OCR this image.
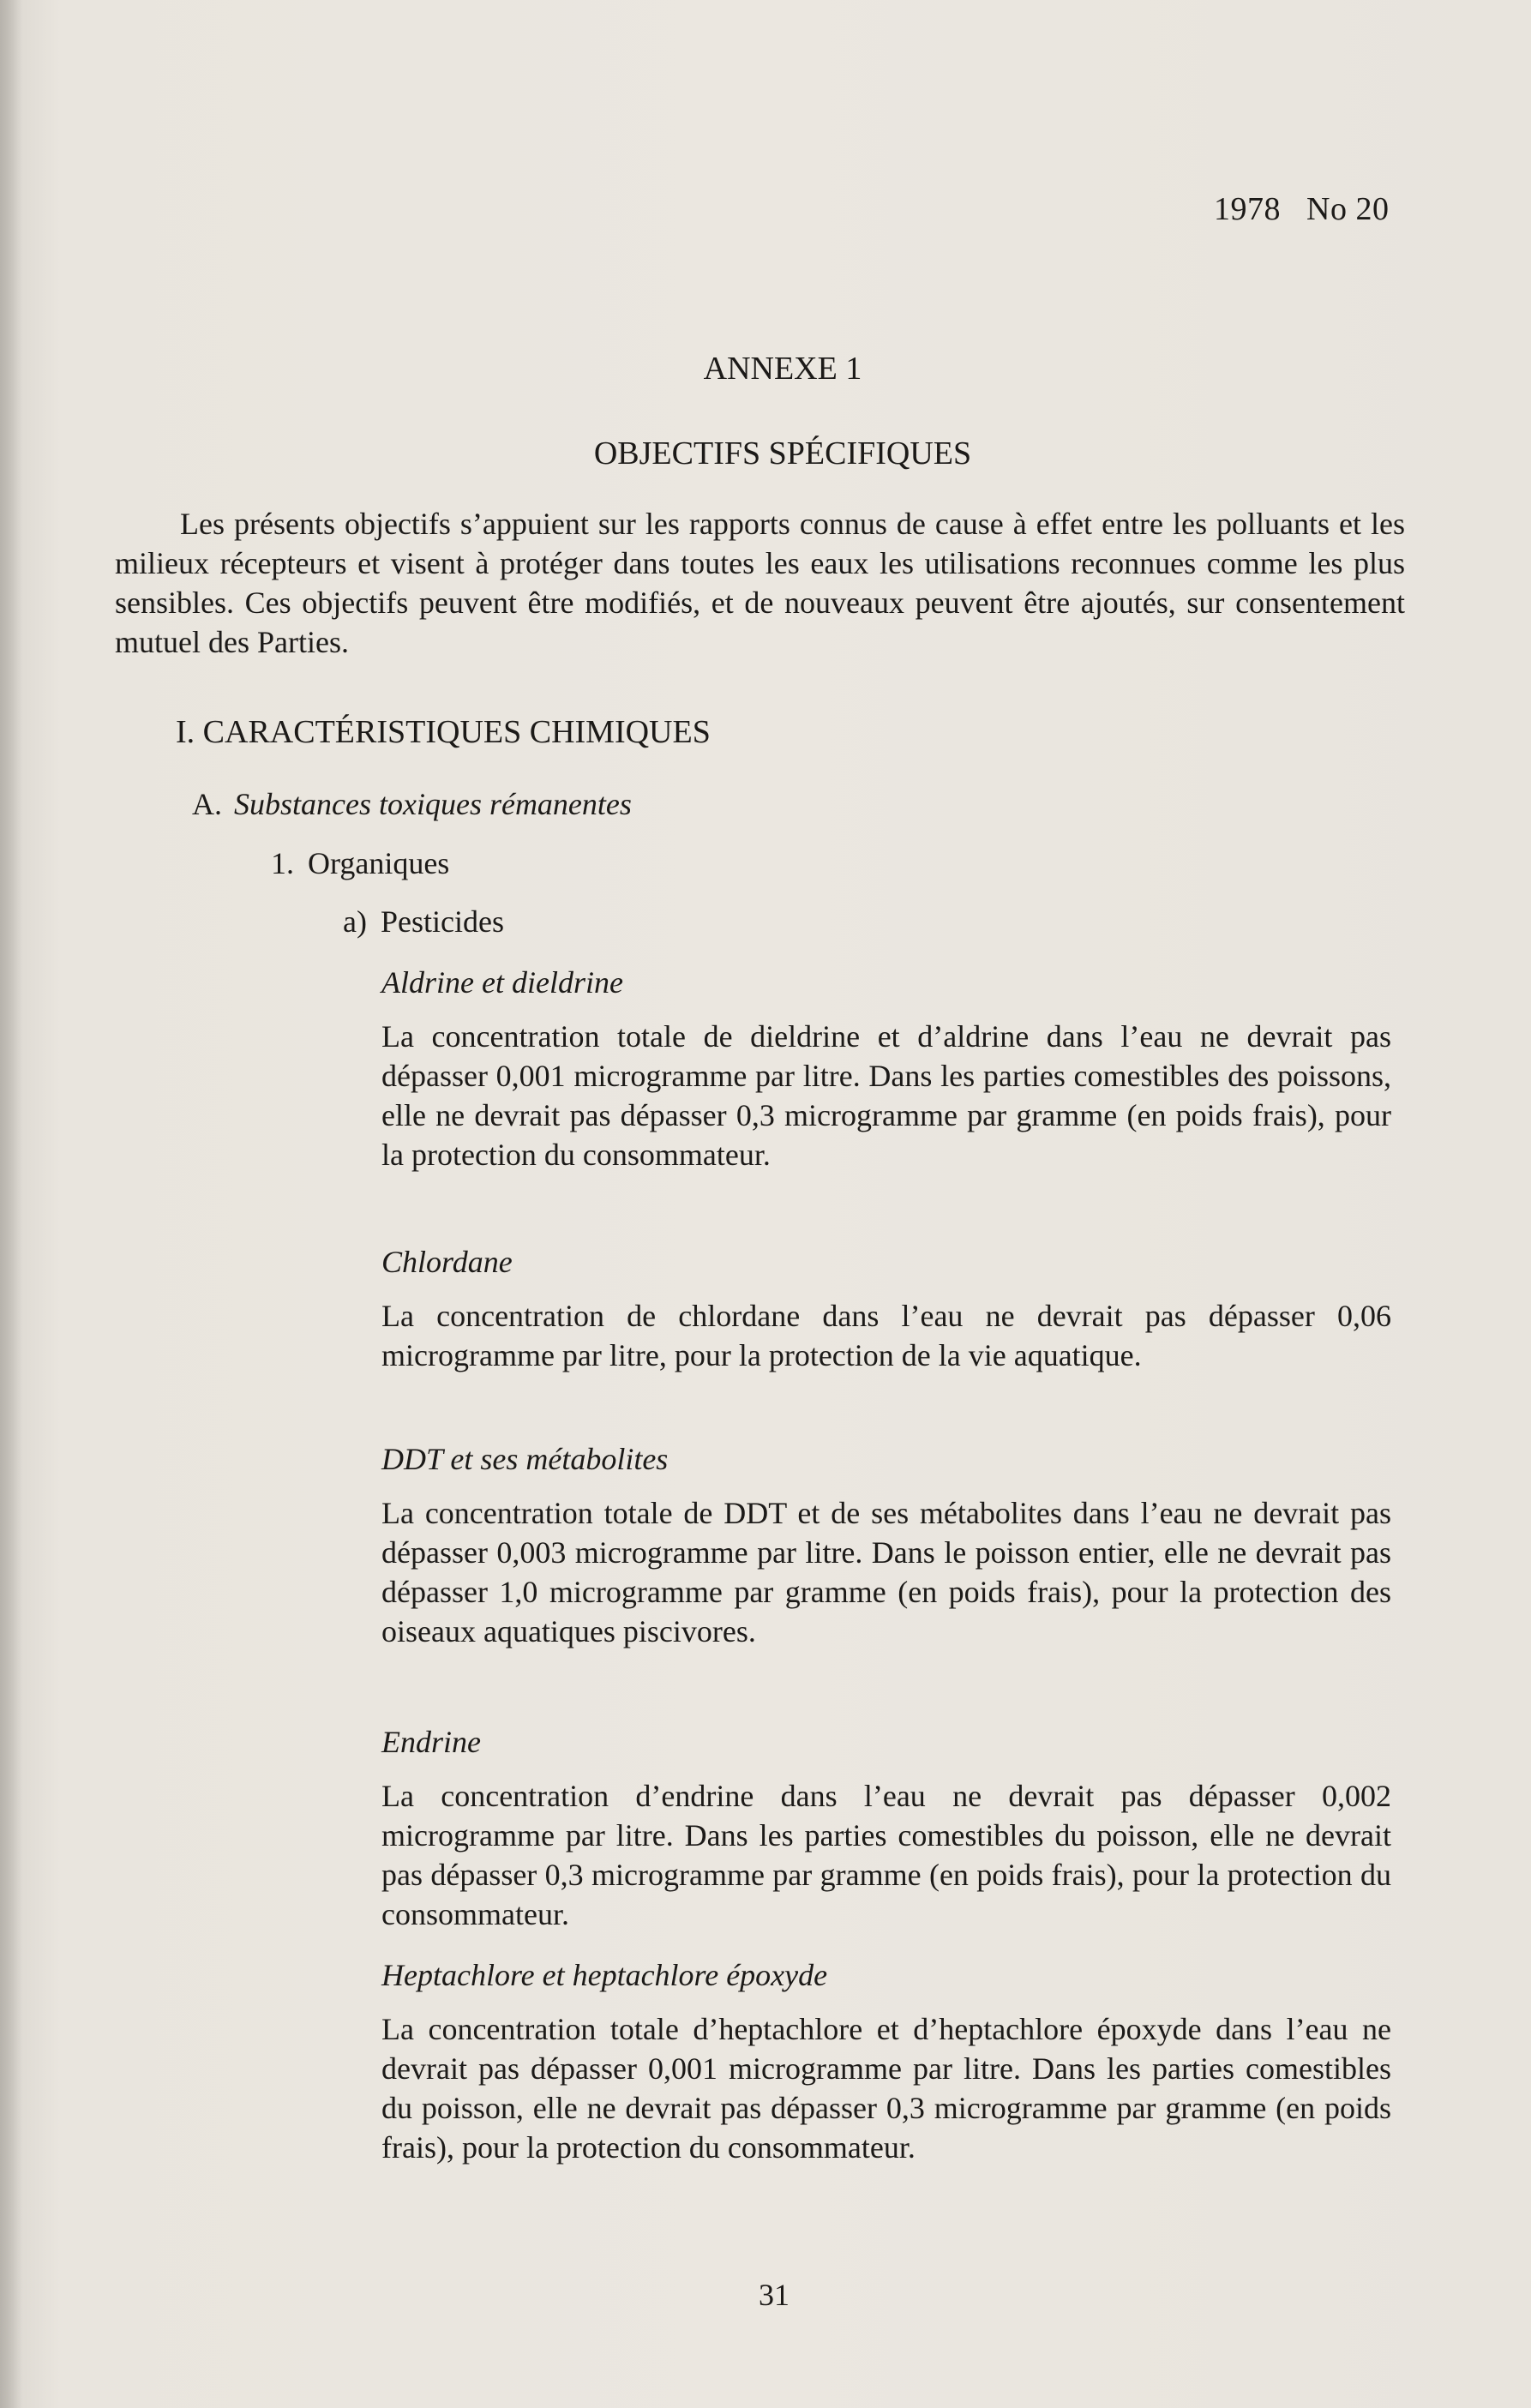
1978 No 20
ANNEXE 1
OBJECTIFS SPÉCIFIQUES

Les présents objectifs s’appuient sur les rapports connus de cause à effet entre les polluants et les milieux récepteurs et visent à protéger dans toutes les eaux les utilisations reconnues comme les plus sensibles. Ces objectifs peuvent être modifiés, et de nouveaux peuvent être ajoutés, sur consentement mutuel des Parties.

I. CARACTÉRISTIQUES CHIMIQUES
A. Substances toxiques rémanentes
1. Organiques
a) Pesticides
Aldrine et dieldrine

La concentration totale de dieldrine et d’aldrine dans l’eau ne devrait pas dépasser 0,001 microgramme par litre. Dans les parties comestibles des poissons, elle ne devrait pas dépasser 0,3 microgramme par gramme (en poids frais), pour la protection du consommateur.

Chlordane

La concentration de chlordane dans l’eau ne devrait pas dépasser 0,06 microgramme par litre, pour la protection de la vie aquatique.

DDT et ses métabolites

La concentration totale de DDT et de ses métabolites dans l’eau ne devrait pas dépasser 0,003 microgramme par litre. Dans le poisson entier, elle ne devrait pas dépasser 1,0 microgramme par gramme (en poids frais), pour la protection des oiseaux aquatiques piscivores.

Endrine

La concentration d’endrine dans l’eau ne devrait pas dépasser 0,002 microgramme par litre. Dans les parties comestibles du poisson, elle ne devrait pas dépasser 0,3 microgramme par gramme (en poids frais), pour la protection du consommateur.

Heptachlore et heptachlore époxyde

La concentration totale d’heptachlore et d’heptachlore époxyde dans l’eau ne devrait pas dépasser 0,001 microgramme par litre. Dans les parties comestibles du poisson, elle ne devrait pas dépasser 0,3 microgramme par gramme (en poids frais), pour la protection du consommateur.

31
